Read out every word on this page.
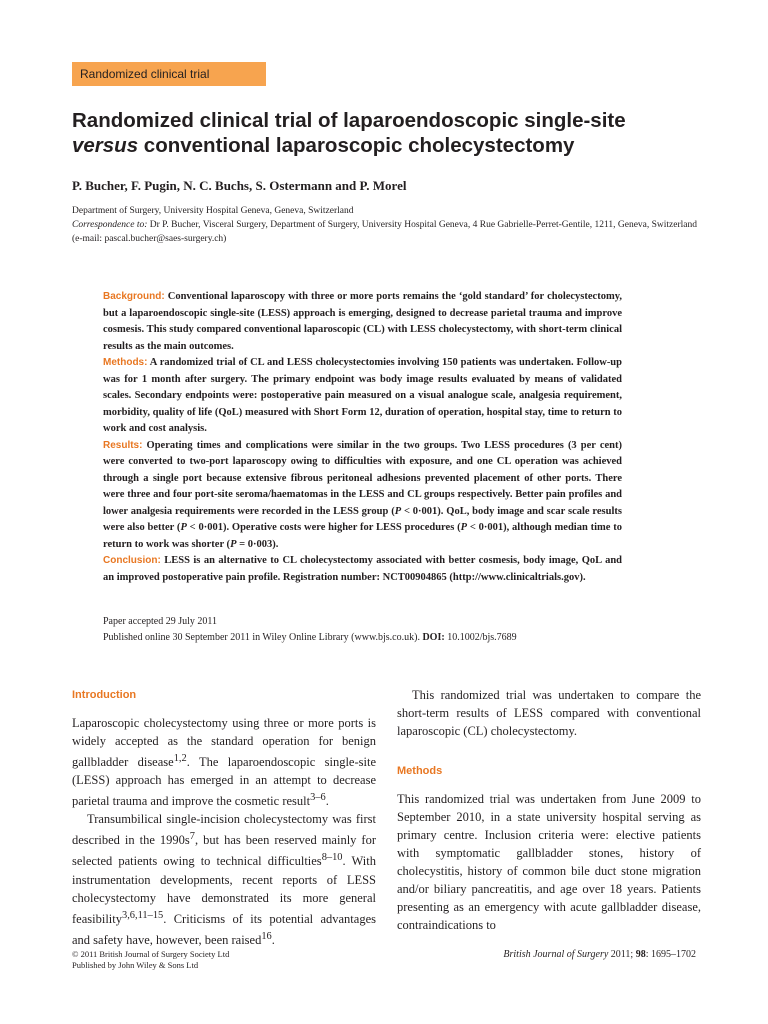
Randomized clinical trial
Randomized clinical trial of laparoendoscopic single-site
versus conventional laparoscopic cholecystectomy

P. Bucher, F. Pugin, N. C. Buchs, S. Ostermann and P. Morel

Department of Surgery, University Hospital Geneva, Geneva, Switzerland
Correspondence to: Dr P. Bucher, Visceral Surgery, Department of Surgery, University Hospital Geneva, 4 Rue Gabrielle-Perret-Gentile, 1211, Geneva, Switzerland (e-mail: pascal.bucher@saes-surgery.ch)

Background: Conventional laparoscopy with three or more ports remains the ‘gold standard’ for cholecystectomy, but a laparoendoscopic single-site (LESS) approach is emerging, designed to decrease parietal trauma and improve cosmesis. This study compared conventional laparoscopic (CL) with LESS cholecystectomy, with short-term clinical results as the main outcomes.

Methods: A randomized trial of CL and LESS cholecystectomies involving 150 patients was undertaken. Follow-up was for 1 month after surgery. The primary endpoint was body image results evaluated by means of validated scales. Secondary endpoints were: postoperative pain measured on a visual analogue scale, analgesia requirement, morbidity, quality of life (QoL) measured with Short Form 12, duration of operation, hospital stay, time to return to work and cost analysis.

Results: Operating times and complications were similar in the two groups. Two LESS procedures (3 per cent) were converted to two-port laparoscopy owing to difficulties with exposure, and one CL operation was achieved through a single port because extensive fibrous peritoneal adhesions prevented placement of other ports. There were three and four port-site seroma/haematomas in the LESS and CL groups respectively. Better pain profiles and lower analgesia requirements were recorded in the LESS group (P < 0·001). QoL, body image and scar scale results were also better (P < 0·001). Operative costs were higher for LESS procedures (P < 0·001), although median time to return to work was shorter (P = 0·003).

Conclusion: LESS is an alternative to CL cholecystectomy associated with better cosmesis, body image, QoL and an improved postoperative pain profile. Registration number: NCT00904865 (http://www.clinicaltrials.gov).

Paper accepted 29 July 2011
Published online 30 September 2011 in Wiley Online Library (www.bjs.co.uk). DOI: 10.1002/bjs.7689
Introduction

Laparoscopic cholecystectomy using three or more ports is widely accepted as the standard operation for benign gallbladder disease$^{1,2}$. The laparoendoscopic single-site (LESS) approach has emerged in an attempt to decrease parietal trauma and improve the cosmetic result$^{3-6}$.

Transumbilical single-incision cholecystectomy was first described in the $1990s^7$, but has been reserved mainly for selected patients owing to technical difficulties$^{8-10}$. With instrumentation developments, recent reports of LESS cholecystectomy have demonstrated its more general feasibility$^{3,6,11-15}$. Criticisms of its potential advantages and safety have, however, been raised$^{16}$.

This randomized trial was undertaken to compare the short-term results of LESS compared with conventional laparoscopic (CL) cholecystectomy.

Methods

This randomized trial was undertaken from June 2009 to September 2010, in a state university hospital serving as primary centre. Inclusion criteria were: elective patients with symptomatic gallbladder stones, history of cholecystitis, history of common bile duct stone migration and/or biliary pancreatitis, and age over 18 years. Patients presenting as an emergency with acute gallbladder disease, contraindications to

© 2011 British Journal of Surgery Society Ltd
Published by John Wiley & Sons Ltd
British Journal of Surgery 2011; 98: 1695–1702
